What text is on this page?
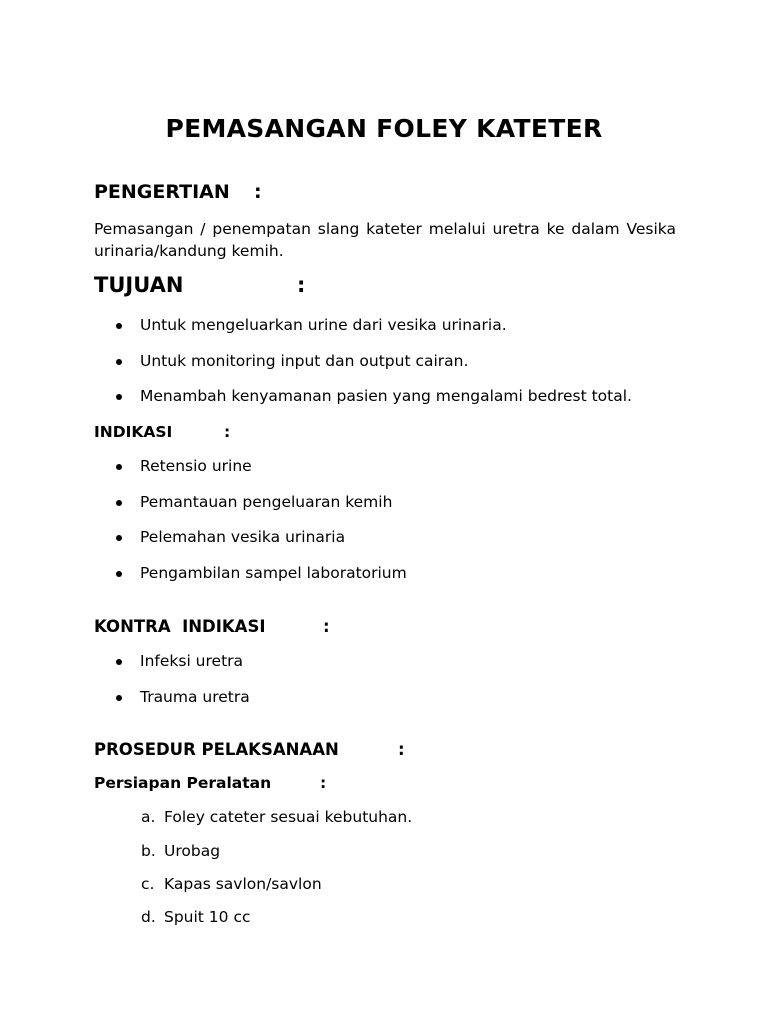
PEMASANGAN FOLEY KATETER
PENGERTIAN :
Pemasangan / penempatan slang kateter melalui uretra ke dalam Vesika urinaria/kandung kemih.
TUJUAN	:
Untuk mengeluarkan urine dari vesika urinaria.
Untuk monitoring input dan output cairan.
Menambah kenyamanan pasien yang mengalami bedrest total.
INDIKASI	:
Retensio urine
Pemantauan pengeluaran kemih
Pelemahan vesika urinaria
Pengambilan sampel laboratorium
KONTRA  INDIKASI	:
Infeksi uretra
Trauma uretra
PROSEDUR PELAKSANAAN	:
Persiapan Peralatan	:
a. Foley cateter sesuai kebutuhan.
b. Urobag
c. Kapas savlon/savlon
d. Spuit 10 cc
